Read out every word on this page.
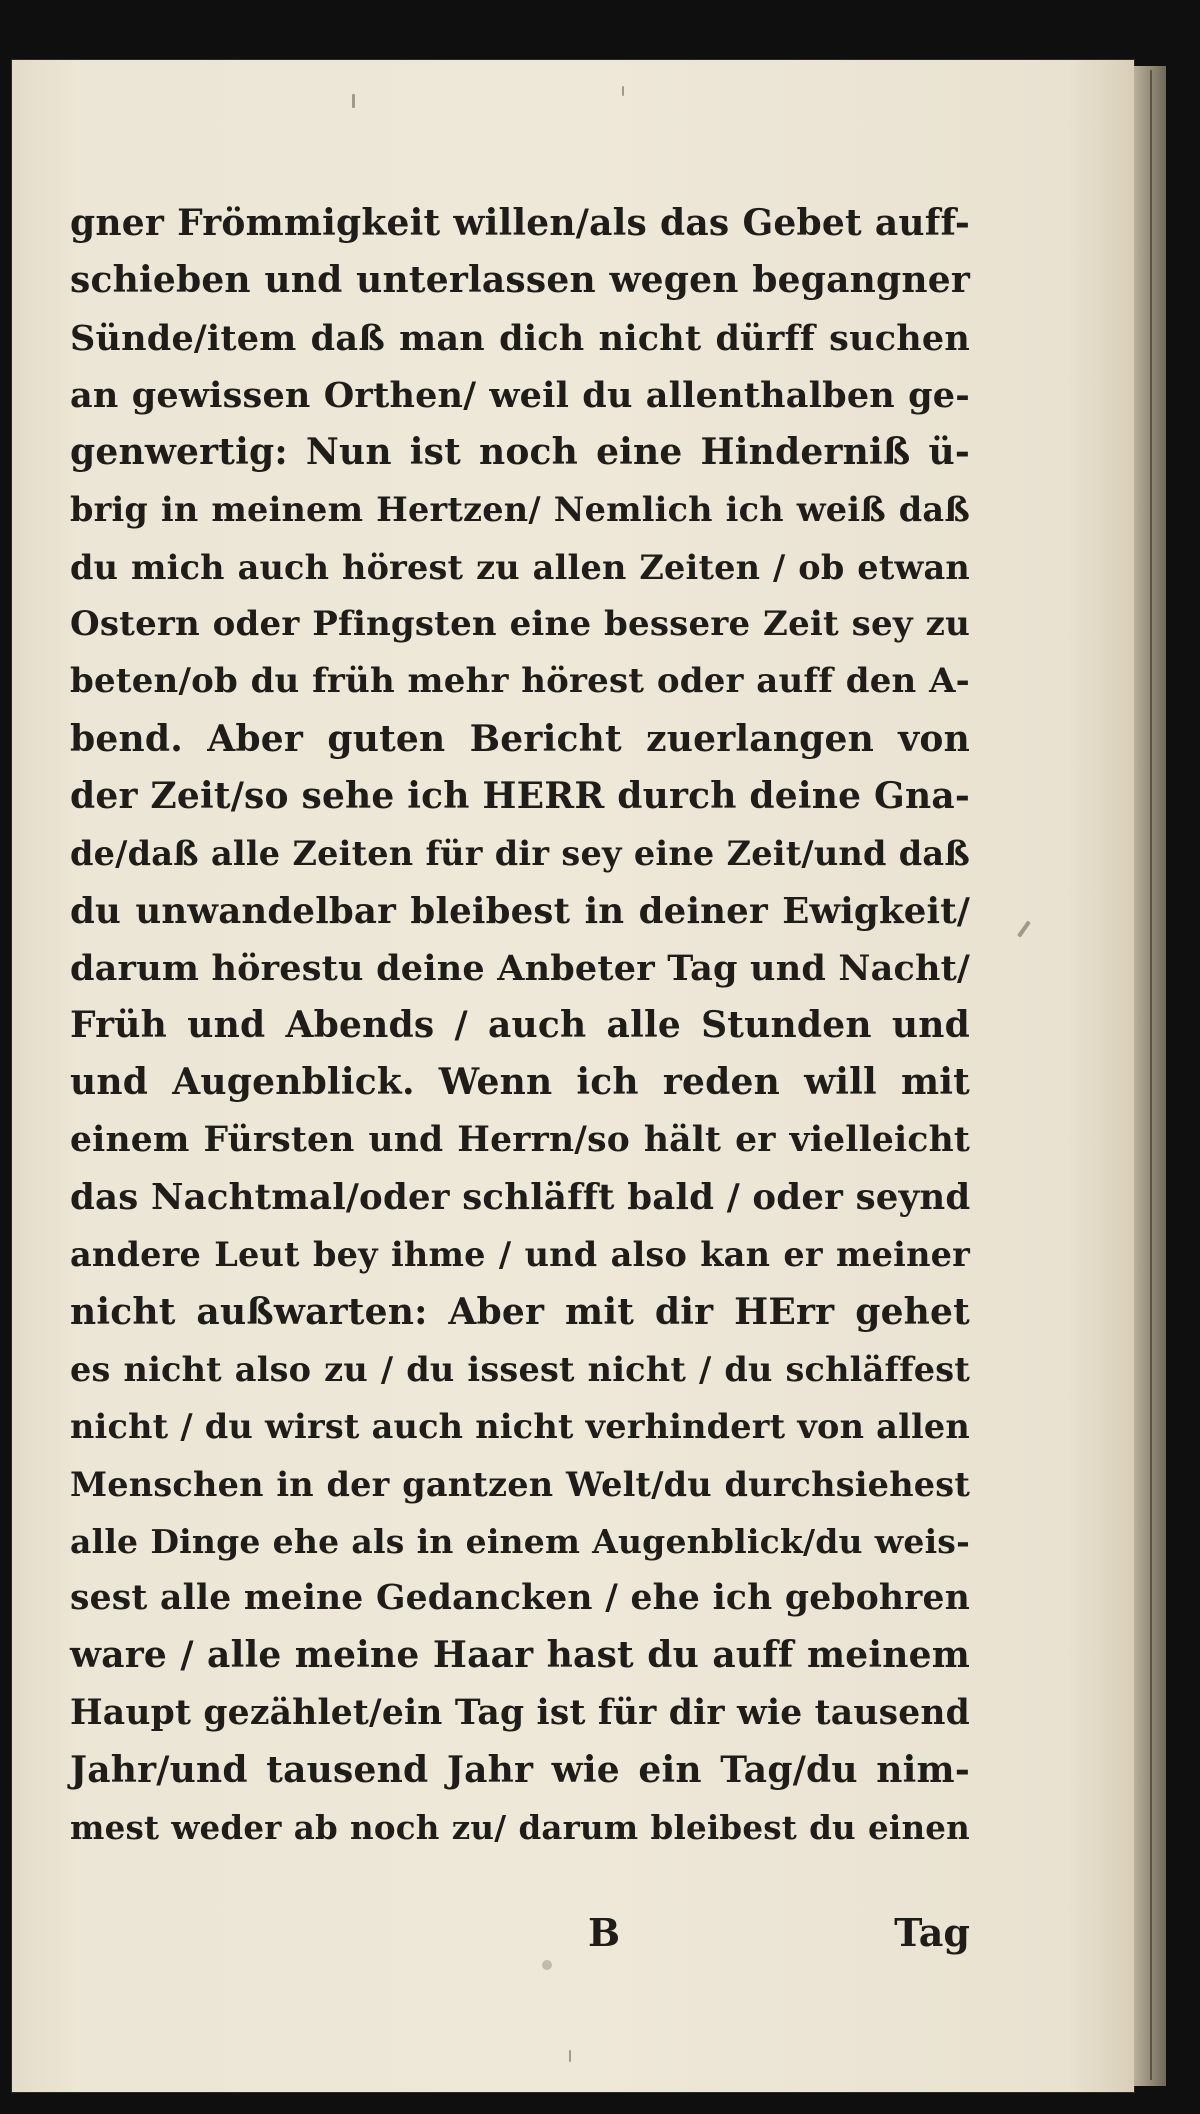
gner Frömmigkeit willen/als das Gebet auff-
schieben und unterlassen wegen begangner
Sünde/item daß man dich nicht dürff suchen
an gewissen Orthen/ weil du allenthalben ge-
genwertig: Nun ist noch eine Hinderniß ü-
brig in meinem Hertzen/ Nemlich ich weiß daß
du mich auch hörest zu allen Zeiten / ob etwan
Ostern oder Pfingsten eine bessere Zeit sey zu
beten/ob du früh mehr hörest oder auff den A-
bend. Aber guten Bericht zuerlangen von
der Zeit/so sehe ich HERR durch deine Gna-
de/daß alle Zeiten für dir sey eine Zeit/und daß
du unwandelbar bleibest in deiner Ewigkeit/
darum hörestu deine Anbeter Tag und Nacht/
Früh und Abends / auch alle Stunden und
und Augenblick. Wenn ich reden will mit
einem Fürsten und Herrn/so hält er vielleicht
das Nachtmal/oder schläfft bald / oder seynd
andere Leut bey ihme / und also kan er meiner
nicht außwarten: Aber mit dir HErr gehet
es nicht also zu / du issest nicht / du schläffest
nicht / du wirst auch nicht verhindert von allen
Menschen in der gantzen Welt/du durchsiehest
alle Dinge ehe als in einem Augenblick/du weis-
sest alle meine Gedancken / ehe ich gebohren
ware / alle meine Haar hast du auff meinem
Haupt gezählet/ein Tag ist für dir wie tausend
Jahr/und tausend Jahr wie ein Tag/du nim-
mest weder ab noch zu/ darum bleibest du einen
B	Tag
